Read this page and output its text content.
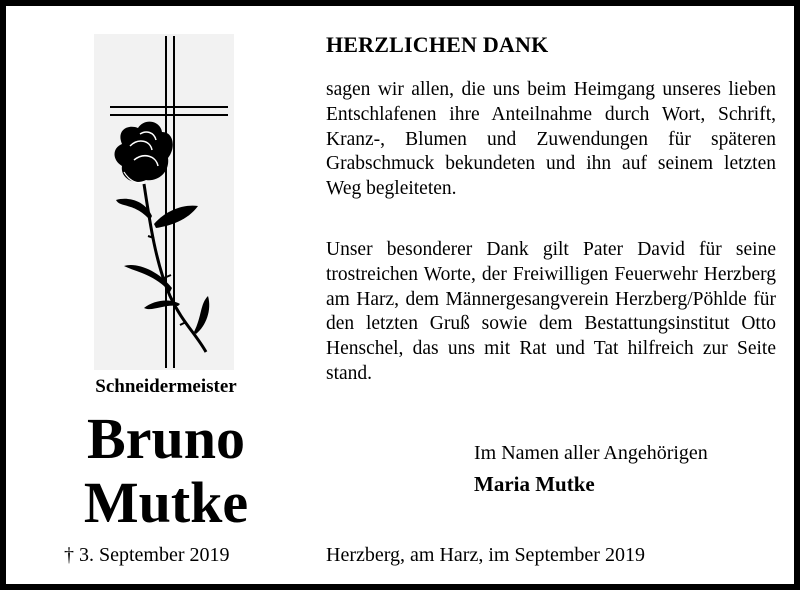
Schneidermeister
Bruno
Mutke
† 3. September 2019
HERZLICHEN DANK

sagen wir allen, die uns beim Heimgang unseres lieben Entschlafenen ihre Anteilnahme durch Wort, Schrift, Kranz-, Blumen und Zuwendungen für späteren Grabschmuck bekundeten und ihn auf seinem letzten Weg begleiteten.

Unser besonderer Dank gilt Pater David für seine trostreichen Worte, der Freiwilligen Feuerwehr Herzberg am Harz, dem Männergesangverein Herzberg/Pöhlde für den letzten Gruß sowie dem Bestattungsinstitut Otto Henschel, das uns mit Rat und Tat hilfreich zur Seite stand.

Im Namen aller Angehörigen
Maria Mutke
Herzberg, am Harz, im September 2019
